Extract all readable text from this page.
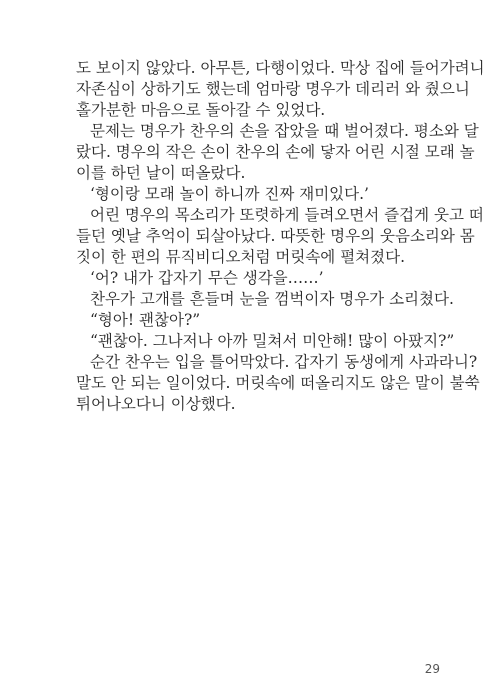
도 보이지 않았다. 아무튼, 다행이었다. 막상 집에 들어가려니
자존심이 상하기도 했는데 엄마랑 명우가 데리러 와 줬으니
홀가분한 마음으로 돌아갈 수 있었다.
문제는 명우가 찬우의 손을 잡았을 때 벌어졌다. 평소와 달
랐다. 명우의 작은 손이 찬우의 손에 닿자 어린 시절 모래 놀
이를 하던 날이 떠올랐다.
‘형이랑 모래 놀이 하니까 진짜 재미있다.’
어린 명우의 목소리가 또렷하게 들려오면서 즐겁게 웃고 떠
들던 옛날 추억이 되살아났다. 따뜻한 명우의 웃음소리와 몸
짓이 한 편의 뮤직비디오처럼 머릿속에 펼쳐졌다.
‘어? 내가 갑자기 무슨 생각을……’
찬우가 고개를 흔들며 눈을 껌벅이자 명우가 소리쳤다.
“형아! 괜찮아?”
“괜찮아. 그나저나 아까 밀쳐서 미안해! 많이 아팠지?”
순간 찬우는 입을 틀어막았다. 갑자기 동생에게 사과라니?
말도 안 되는 일이었다. 머릿속에 떠올리지도 않은 말이 불쑥
튀어나오다니 이상했다.
29
